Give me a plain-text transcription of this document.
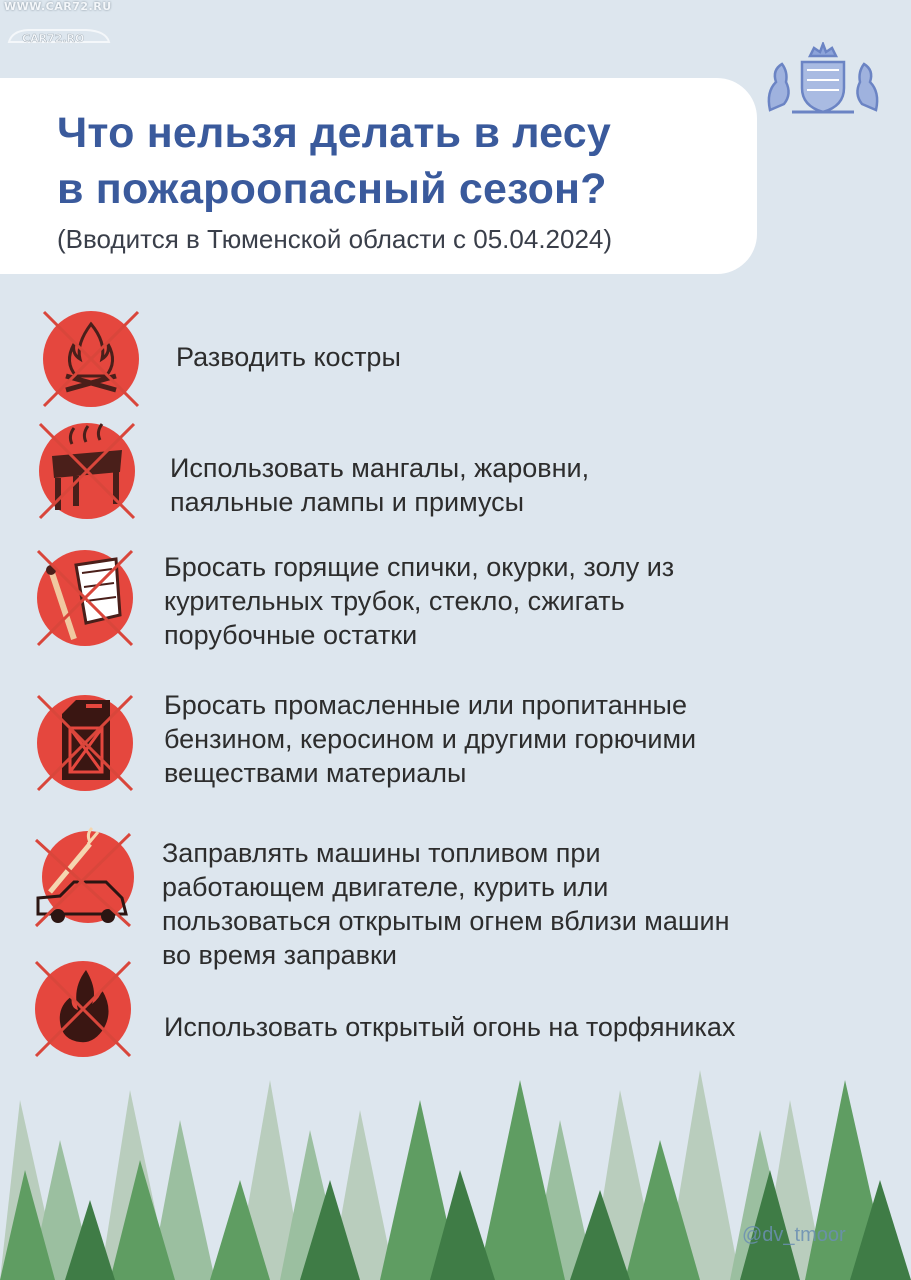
WWW.CAR72.RU
CAR72.RO
Что нельзя делать в лесу
в пожароопасный сезон?
(Вводится в Тюменской области с 05.04.2024)
Разводить костры
Использовать мангалы, жаровни,
паяльные лампы и примусы
Бросать горящие спички, окурки, золу из
курительных трубок, стекло, сжигать
порубочные остатки
Бросать промасленные или пропитанные
бензином, керосином и другими горючими
веществами материалы
Заправлять машины топливом при
работающем двигателе, курить или
пользоваться открытым огнем вблизи машин
во время заправки
Использовать открытый огонь на торфяниках
@dv_tmoor
